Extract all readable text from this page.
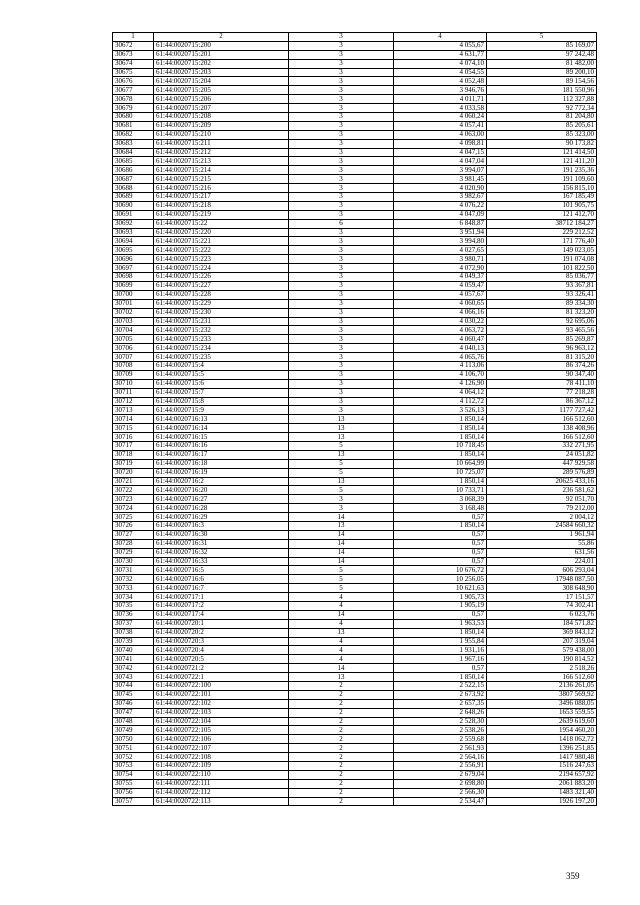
1	2	3	4	5
30672	61:44:0020715:200	3	4 055,67	85 169,07
30673	61:44:0020715:201	3	4 631,77	97 242,48
30674	61:44:0020715:202	3	4 074,10	81 482,00
30675	61:44:0020715:203	3	4 054,55	89 200,10
30676	61:44:0020715:204	3	4 052,48	89 154,56
30677	61:44:0020715:205	3	3 946,76	181 550,96
30678	61:44:0020715:206	3	4 011,71	112 327,88
30679	61:44:0020715:207	3	4 033,58	92 772,34
30680	61:44:0020715:208	3	4 060,24	81 204,80
30681	61:44:0020715:209	3	4 057,41	85 205,61
30682	61:44:0020715:210	3	4 063,00	85 323,00
30683	61:44:0020715:211	3	4 098,81	90 173,82
30684	61:44:0020715:212	3	4 047,15	121 414,50
30685	61:44:0020715:213	3	4 047,04	121 411,20
30686	61:44:0020715:214	3	3 994,07	191 235,36
30687	61:44:0020715:215	3	3 981,45	191 109,60
30688	61:44:0020715:216	3	4 020,90	156 815,10
30689	61:44:0020715:217	3	3 982,67	167 185,49
30690	61:44:0020715:218	3	4 076,22	101 905,75
30691	61:44:0020715:219	3	4 047,09	121 412,70
30692	61:44:0020715:22	6	6 848,87	38712 184,27
30693	61:44:0020715:220	3	3 951,94	229 212,52
30694	61:44:0020715:221	3	3 994,80	171 776,40
30695	61:44:0020715:222	3	4 027,65	149 023,05
30696	61:44:0020715:223	3	3 980,71	191 074,08
30697	61:44:0020715:224	3	4 072,90	101 822,50
30698	61:44:0020715:226	3	4 049,37	85 036,77
30699	61:44:0020715:227	3	4 059,47	93 367,81
30700	61:44:0020715:228	3	4 057,67	93 326,41
30701	61:44:0020715:229	3	4 060,65	89 334,30
30702	61:44:0020715:230	3	4 066,16	81 323,20
30703	61:44:0020715:231	3	4 030,22	92 695,06
30704	61:44:0020715:232	3	4 063,72	93 465,56
30705	61:44:0020715:233	3	4 060,47	85 269,87
30706	61:44:0020715:234	3	4 040,13	96 963,12
30707	61:44:0020715:235	3	4 065,76	81 315,20
30708	61:44:0020715:4	3	4 113,06	86 374,26
30709	61:44:0020715:5	3	4 106,70	90 347,40
30710	61:44:0020715:6	3	4 126,90	78 411,10
30711	61:44:0020715:7	3	4 064,12	77 218,28
30712	61:44:0020715:8	3	4 112,72	86 367,12
30713	61:44:0020715:9	3	3 526,13	1177 727,42
30714	61:44:0020716:13	13	1 850,14	166 512,60
30715	61:44:0020716:14	13	1 850,14	138 408,96
30716	61:44:0020716:15	13	1 850,14	166 512,60
30717	61:44:0020716:16	5	10 718,45	332 271,95
30718	61:44:0020716:17	13	1 850,14	24 051,82
30719	61:44:0020716:18	5	10 664,99	447 929,58
30720	61:44:0020716:19	5	10 725,07	289 576,89
30721	61:44:0020716:2	13	1 850,14	20625 433,16
30722	61:44:0020716:20	5	10 733,71	236 581,62
30723	61:44:0020716:27	3	3 068,39	92 051,70
30724	61:44:0020716:28	3	3 168,48	79 212,00
30725	61:44:0020716:29	14	0,57	2 004,12
30726	61:44:0020716:3	13	1 850,14	24584 660,32
30727	61:44:0020716:30	14	0,57	1 961,94
30728	61:44:0020716:31	14	0,57	55,86
30729	61:44:0020716:32	14	0,57	631,56
30730	61:44:0020716:33	14	0,57	224,01
30731	61:44:0020716:5	5	10 676,72	606 293,04
30732	61:44:0020716:6	5	10 256,05	17948 087,50
30733	61:44:0020716:7	5	10 621,63	308 648,90
30734	61:44:0020717:1	4	1 905,73	17 151,57
30735	61:44:0020717:2	4	1 905,19	74 302,41
30736	61:44:0020717:4	14	0,57	6 023,76
30737	61:44:0020720:1	4	1 963,53	184 571,82
30738	61:44:0020720:2	13	1 850,14	369 843,12
30739	61:44:0020720:3	4	1 955,84	207 319,04
30740	61:44:0020720:4	4	1 931,16	579 438,00
30741	61:44:0020720:5	4	1 967,16	190 814,52
30742	61:44:0020721:2	14	0,57	2 518,26
30743	61:44:0020722:1	13	1 850,14	166 512,60
30744	61:44:0020722:100	2	2 522,15	2136 261,05
30745	61:44:0020722:101	2	2 673,92	3807 569,92
30746	61:44:0020722:102	2	2 657,35	3496 088,05
30747	61:44:0020722:103	2	2 648,26	1653 559,55
30748	61:44:0020722:104	2	2 528,30	2639 619,60
30749	61:44:0020722:105	2	2 538,26	1954 460,20
30750	61:44:0020722:106	2	2 559,68	1418 062,72
30751	61:44:0020722:107	2	2 561,93	1396 251,85
30752	61:44:0020722:108	2	2 564,16	1417 980,48
30753	61:44:0020722:109	2	2 556,91	1516 247,63
30754	61:44:0020722:110	2	2 679,04	2194 657,92
30755	61:44:0020722:111	2	2 698,80	2061 883,20
30756	61:44:0020722:112	2	2 566,30	1483 321,40
30757	61:44:0020722:113	2	2 534,47	1926 197,20
359
